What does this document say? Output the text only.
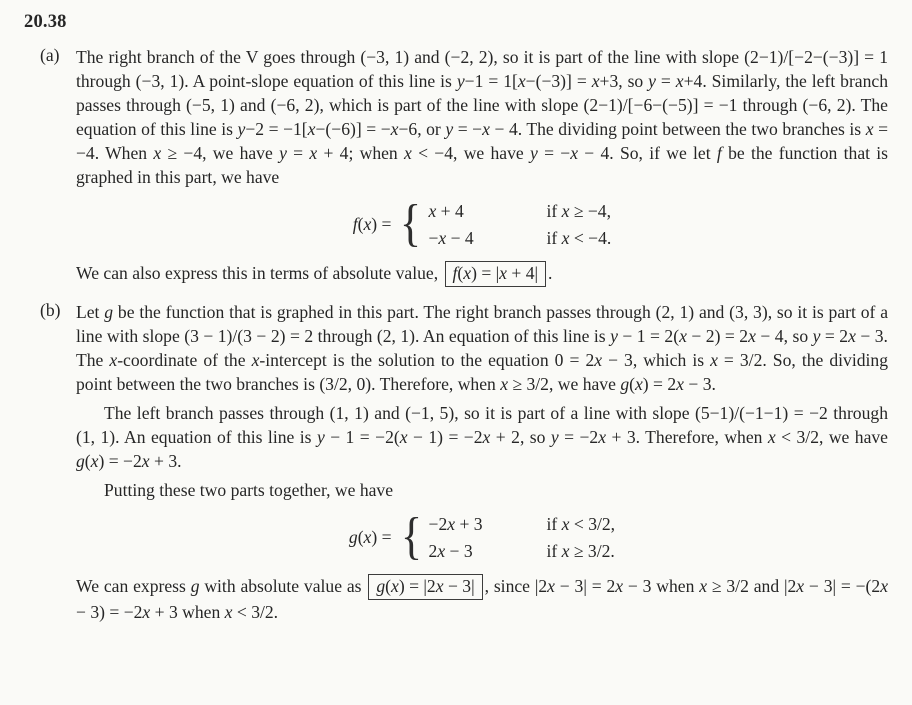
20.38
(a) The right branch of the V goes through (−3, 1) and (−2, 2), so it is part of the line with slope (2−1)/[−2−(−3)] = 1 through (−3, 1). A point-slope equation of this line is y−1 = 1[x−(−3)] = x+3, so y = x+4. Similarly, the left branch passes through (−5, 1) and (−6, 2), which is part of the line with slope (2−1)/[−6−(−5)] = −1 through (−6, 2). The equation of this line is y−2 = −1[x−(−6)] = −x−6, or y = −x − 4. The dividing point between the two branches is x = −4. When x ≥ −4, we have y = x + 4; when x < −4, we have y = −x − 4. So, if we let f be the function that is graphed in this part, we have

f(x) = { x + 4	if x ≥ −4,
−x − 4	if x < −4.

We can also express this in terms of absolute value, f(x) = |x + 4| .

(b) Let g be the function that is graphed in this part. The right branch passes through (2, 1) and (3, 3), so it is part of a line with slope (3 − 1)/(3 − 2) = 2 through (2, 1). An equation of this line is y − 1 = 2(x − 2) = 2x − 4, so y = 2x − 3. The x-coordinate of the x-intercept is the solution to the equation 0 = 2x − 3, which is x = 3/2. So, the dividing point between the two branches is (3/2, 0). Therefore, when x ≥ 3/2, we have g(x) = 2x − 3.

The left branch passes through (1, 1) and (−1, 5), so it is part of a line with slope (5−1)/(−1−1) = −2 through (1, 1). An equation of this line is y − 1 = −2(x − 1) = −2x + 2, so y = −2x + 3. Therefore, when x < 3/2, we have g(x) = −2x + 3.

Putting these two parts together, we have

g(x) = { −2x + 3	if x < 3/2,
2x − 3	if x ≥ 3/2.

We can express g with absolute value as g(x) = |2x − 3| , since |2x − 3| = 2x − 3 when x ≥ 3/2 and |2x − 3| = −(2x − 3) = −2x + 3 when x < 3/2.
